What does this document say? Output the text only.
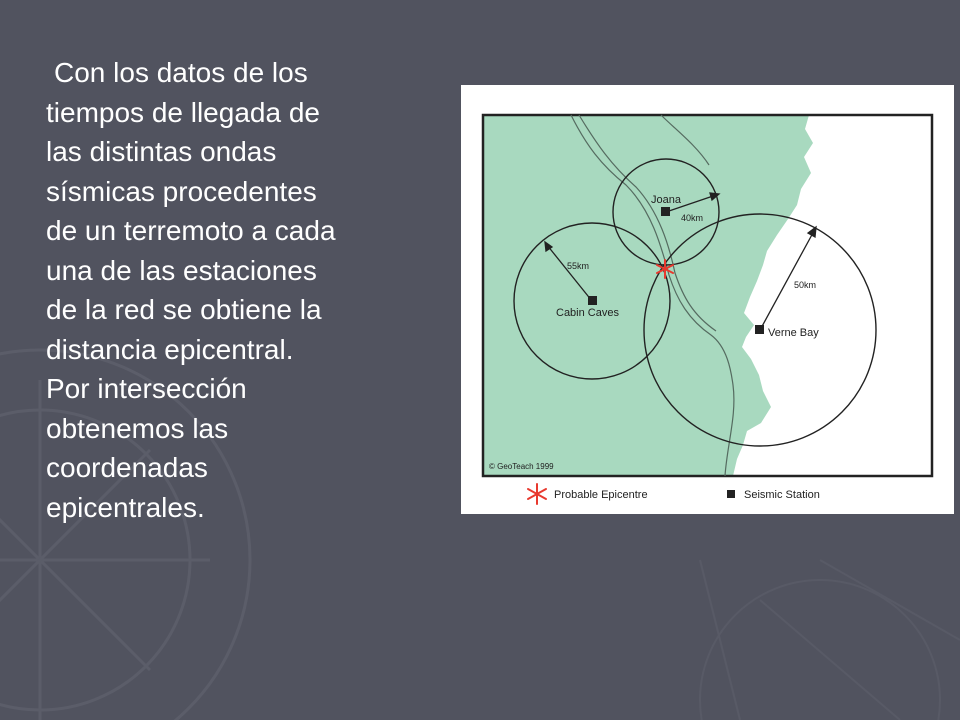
Con los datos de los
tiempos de llegada de
las distintas ondas
sísmicas procedentes
de un terremoto a cada
una de las estaciones
de la red se obtiene la
distancia epicentral.
Por intersección
obtenemos las
coordenadas
epicentrales.
Joana
Cabin Caves
Verne Bay
40km
55km
50km
© GeoTeach 1999
Probable Epicentre	Seismic Station
